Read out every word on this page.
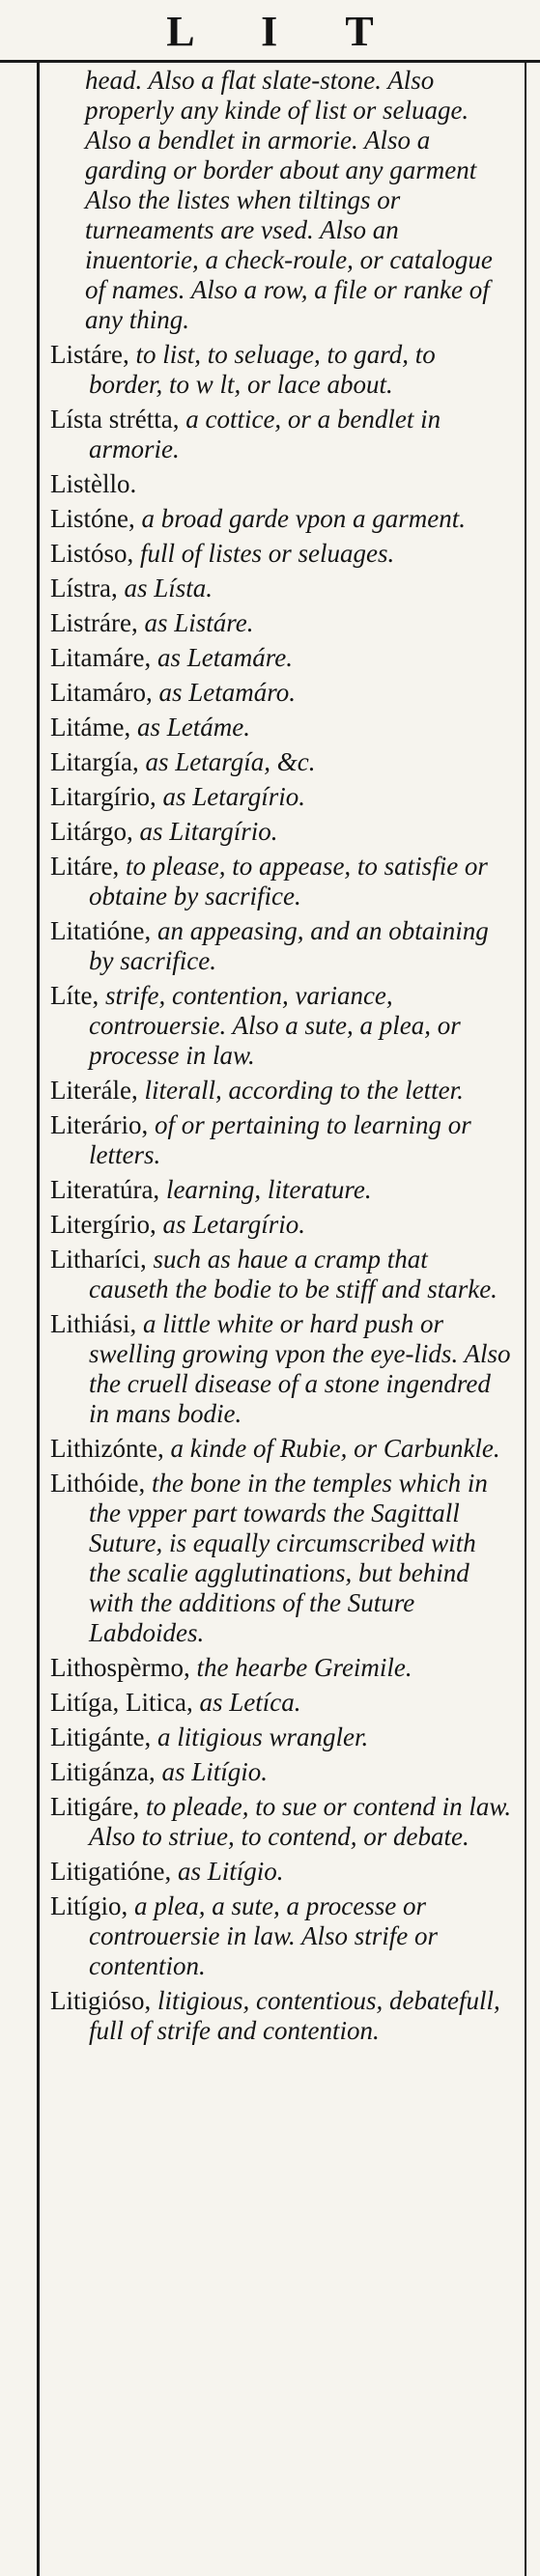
L I T

head. Also a flat slate-stone. Also properly any kinde of list or seluage. Also a bendlet in armorie. Also a garding or border about any garment Also the listes when tiltings or turneaments are vsed. Also an inuentorie, a check-roule, or catalogue of names. Also a row, a file or ranke of any thing.

Listáre, to list, to seluage, to gard, to border, to w lt, or lace about.

Lísta strétta, a cottice, or a bendlet in armorie.

Listèllo.

Listóne, a broad garde vpon a garment.

Listóso, full of listes or seluages.

Lístra, as Lísta.

Listráre, as Listáre.

Litamáre, as Letamáre.

Litamáro, as Letamáro.

Litáme, as Letáme.

Litargía, as Letargía, &c.

Litargírio, as Letargírio.

Litárgo, as Litargírio.

Litáre, to please, to appease, to satisfie or obtaine by sacrifice.

Litatióne, an appeasing, and an obtaining by sacrifice.

Líte, strife, contention, variance, controuersie. Also a sute, a plea, or processe in law.

Literále, literall, according to the letter.

Literário, of or pertaining to learning or letters.

Literatúra, learning, literature.

Litergírio, as Letargírio.

Litharíci, such as haue a cramp that causeth the bodie to be stiff and starke.

Lithiási, a little white or hard push or swelling growing vpon the eye-lids. Also the cruell disease of a stone ingendred in mans bodie.

Lithizónte, a kinde of Rubie, or Carbunkle.

Lithóide, the bone in the temples which in the vpper part towards the Sagittall Suture, is equally circumscribed with the scalie agglutinations, but behind with the additions of the Suture Labdoides.

Lithospèrmo, the hearbe Greimile.

Litíga, Litica, as Letíca.

Litigánte, a litigious wrangler.

Litigánza, as Litígio.

Litigáre, to pleade, to sue or contend in law. Also to striue, to contend, or debate.

Litigatióne, as Litígio.

Litígio, a plea, a sute, a processe or controuersie in law. Also strife or contention.

Litigióso, litigious, contentious, debatefull, full of strife and contention.
